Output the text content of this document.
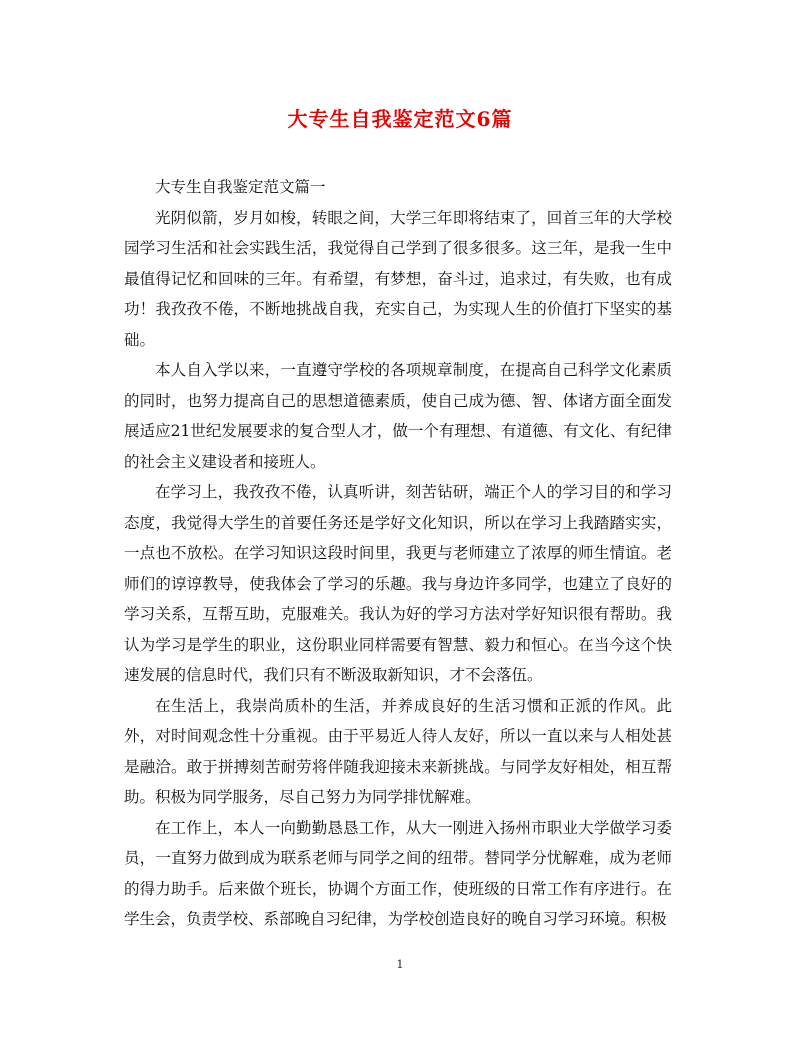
大专生自我鉴定范文6篇

大专生自我鉴定范文篇一

光阴似箭，岁月如梭，转眼之间，大学三年即将结束了，回首三年的大学校园学习生活和社会实践生活，我觉得自己学到了很多很多。这三年，是我一生中最值得记忆和回味的三年。有希望，有梦想，奋斗过，追求过，有失败，也有成功！我孜孜不倦，不断地挑战自我，充实自己，为实现人生的价值打下坚实的基础。

本人自入学以来，一直遵守学校的各项规章制度，在提高自己科学文化素质的同时，也努力提高自己的思想道德素质，使自己成为德、智、体诸方面全面发展适应21世纪发展要求的复合型人才，做一个有理想、有道德、有文化、有纪律的社会主义建设者和接班人。

在学习上，我孜孜不倦，认真听讲，刻苦钻研，端正个人的学习目的和学习态度，我觉得大学生的首要任务还是学好文化知识，所以在学习上我踏踏实实，一点也不放松。在学习知识这段时间里，我更与老师建立了浓厚的师生情谊。老师们的谆谆教导，使我体会了学习的乐趣。我与身边许多同学，也建立了良好的学习关系，互帮互助，克服难关。我认为好的学习方法对学好知识很有帮助。我认为学习是学生的职业，这份职业同样需要有智慧、毅力和恒心。在当今这个快速发展的信息时代，我们只有不断汲取新知识，才不会落伍。

在生活上，我崇尚质朴的生活，并养成良好的生活习惯和正派的作风。此外，对时间观念性十分重视。由于平易近人待人友好，所以一直以来与人相处甚是融洽。敢于拼搏刻苦耐劳将伴随我迎接未来新挑战。与同学友好相处，相互帮助。积极为同学服务，尽自己努力为同学排忧解难。

在工作上，本人一向勤勤恳恳工作，从大一刚进入扬州市职业大学做学习委员，一直努力做到成为联系老师与同学之间的纽带。替同学分忧解难，成为老师的得力助手。后来做个班长，协调个方面工作，使班级的日常工作有序进行。在学生会，负责学校、系部晚自习纪律，为学校创造良好的晚自习学习环境。积极

1
